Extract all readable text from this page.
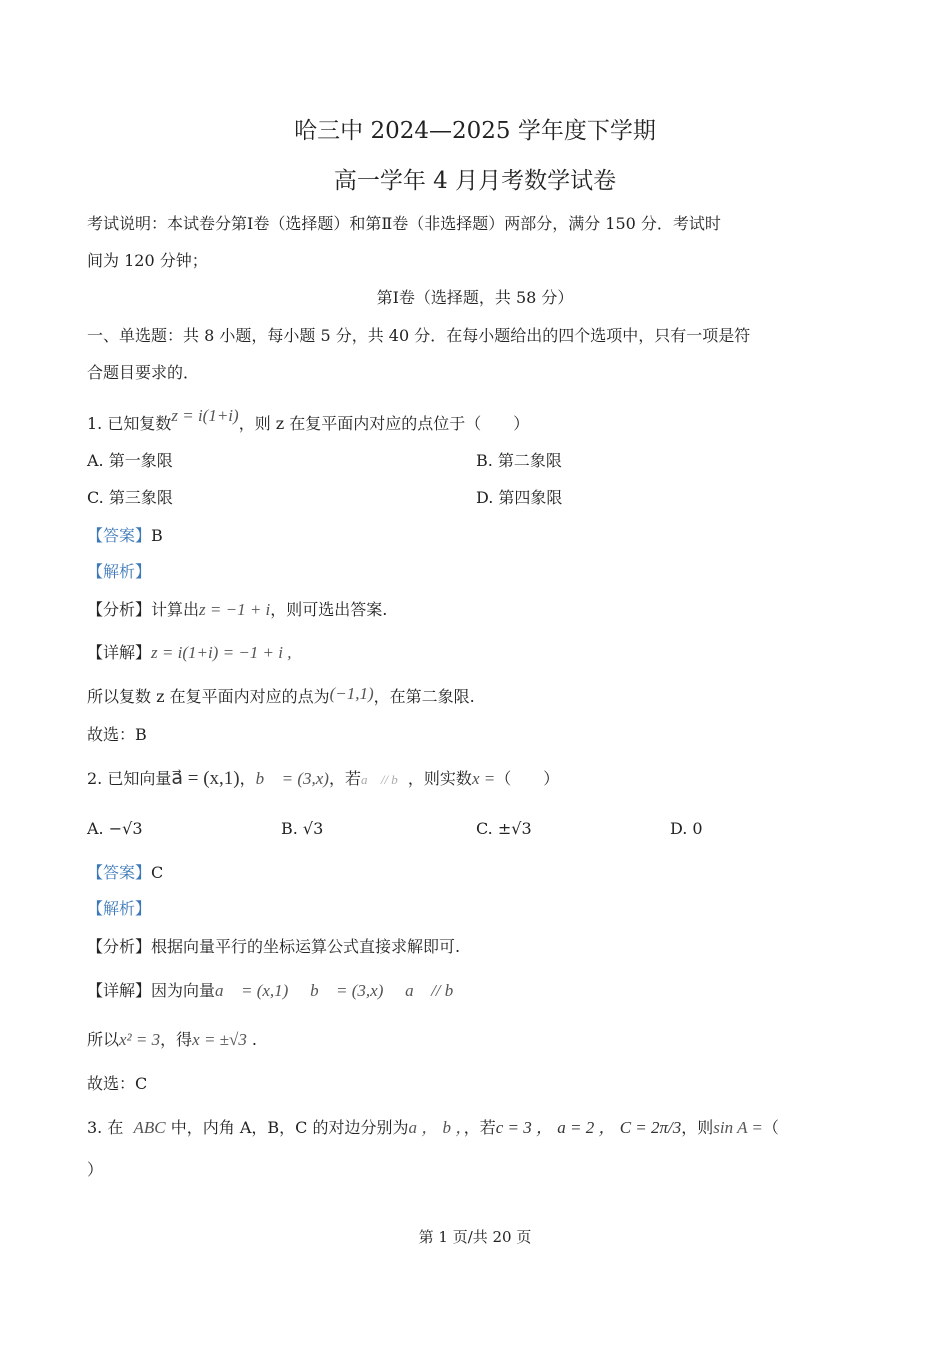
哈三中 2024—2025 学年度下学期
高一学年 4 月月考数学试卷
考试说明：本试卷分第Ⅰ卷（选择题）和第Ⅱ卷（非选择题）两部分，满分 150 分．考试时
间为 120 分钟；
第Ⅰ卷（选择题，共 58 分）
一、单选题：共 8 小题，每小题 5 分，共 40 分．在每小题给出的四个选项中，只有一项是符
合题目要求的．
1. 已知复数z = i(1+i)，则 z 在复平面内对应的点位于（　　）
A. 第一象限	B. 第二象限
C. 第三象限	D. 第四象限
【答案】B
【解析】
【分析】计算出z = −1 + i，则可选出答案.
【详解】z = i(1+i) = −1 + i ,
所以复数 z 在复平面内对应的点为(−1,1)，在第二象限.
故选：B
2. 已知向量a⃗ = (x,1)，b⃗ = (3,x)，若a⃗ // b⃗，则实数x =（　　）
A. −√3	B. √3	C. ±√3	D. 0
【答案】C
【解析】
【分析】根据向量平行的坐标运算公式直接求解即可.
【详解】因为向量a⃗ = (x,1) ， b⃗ = (3,x) ， a⃗ // b⃗
所以x² = 3，得x = ±√3 .
故选：C
3. 在 ABC 中，内角 A，B，C 的对边分别为a ， b ，，若c = 3 ， a = 2 ， C = 2π/3，则sin A =（
）
第 1 页/共 20 页
